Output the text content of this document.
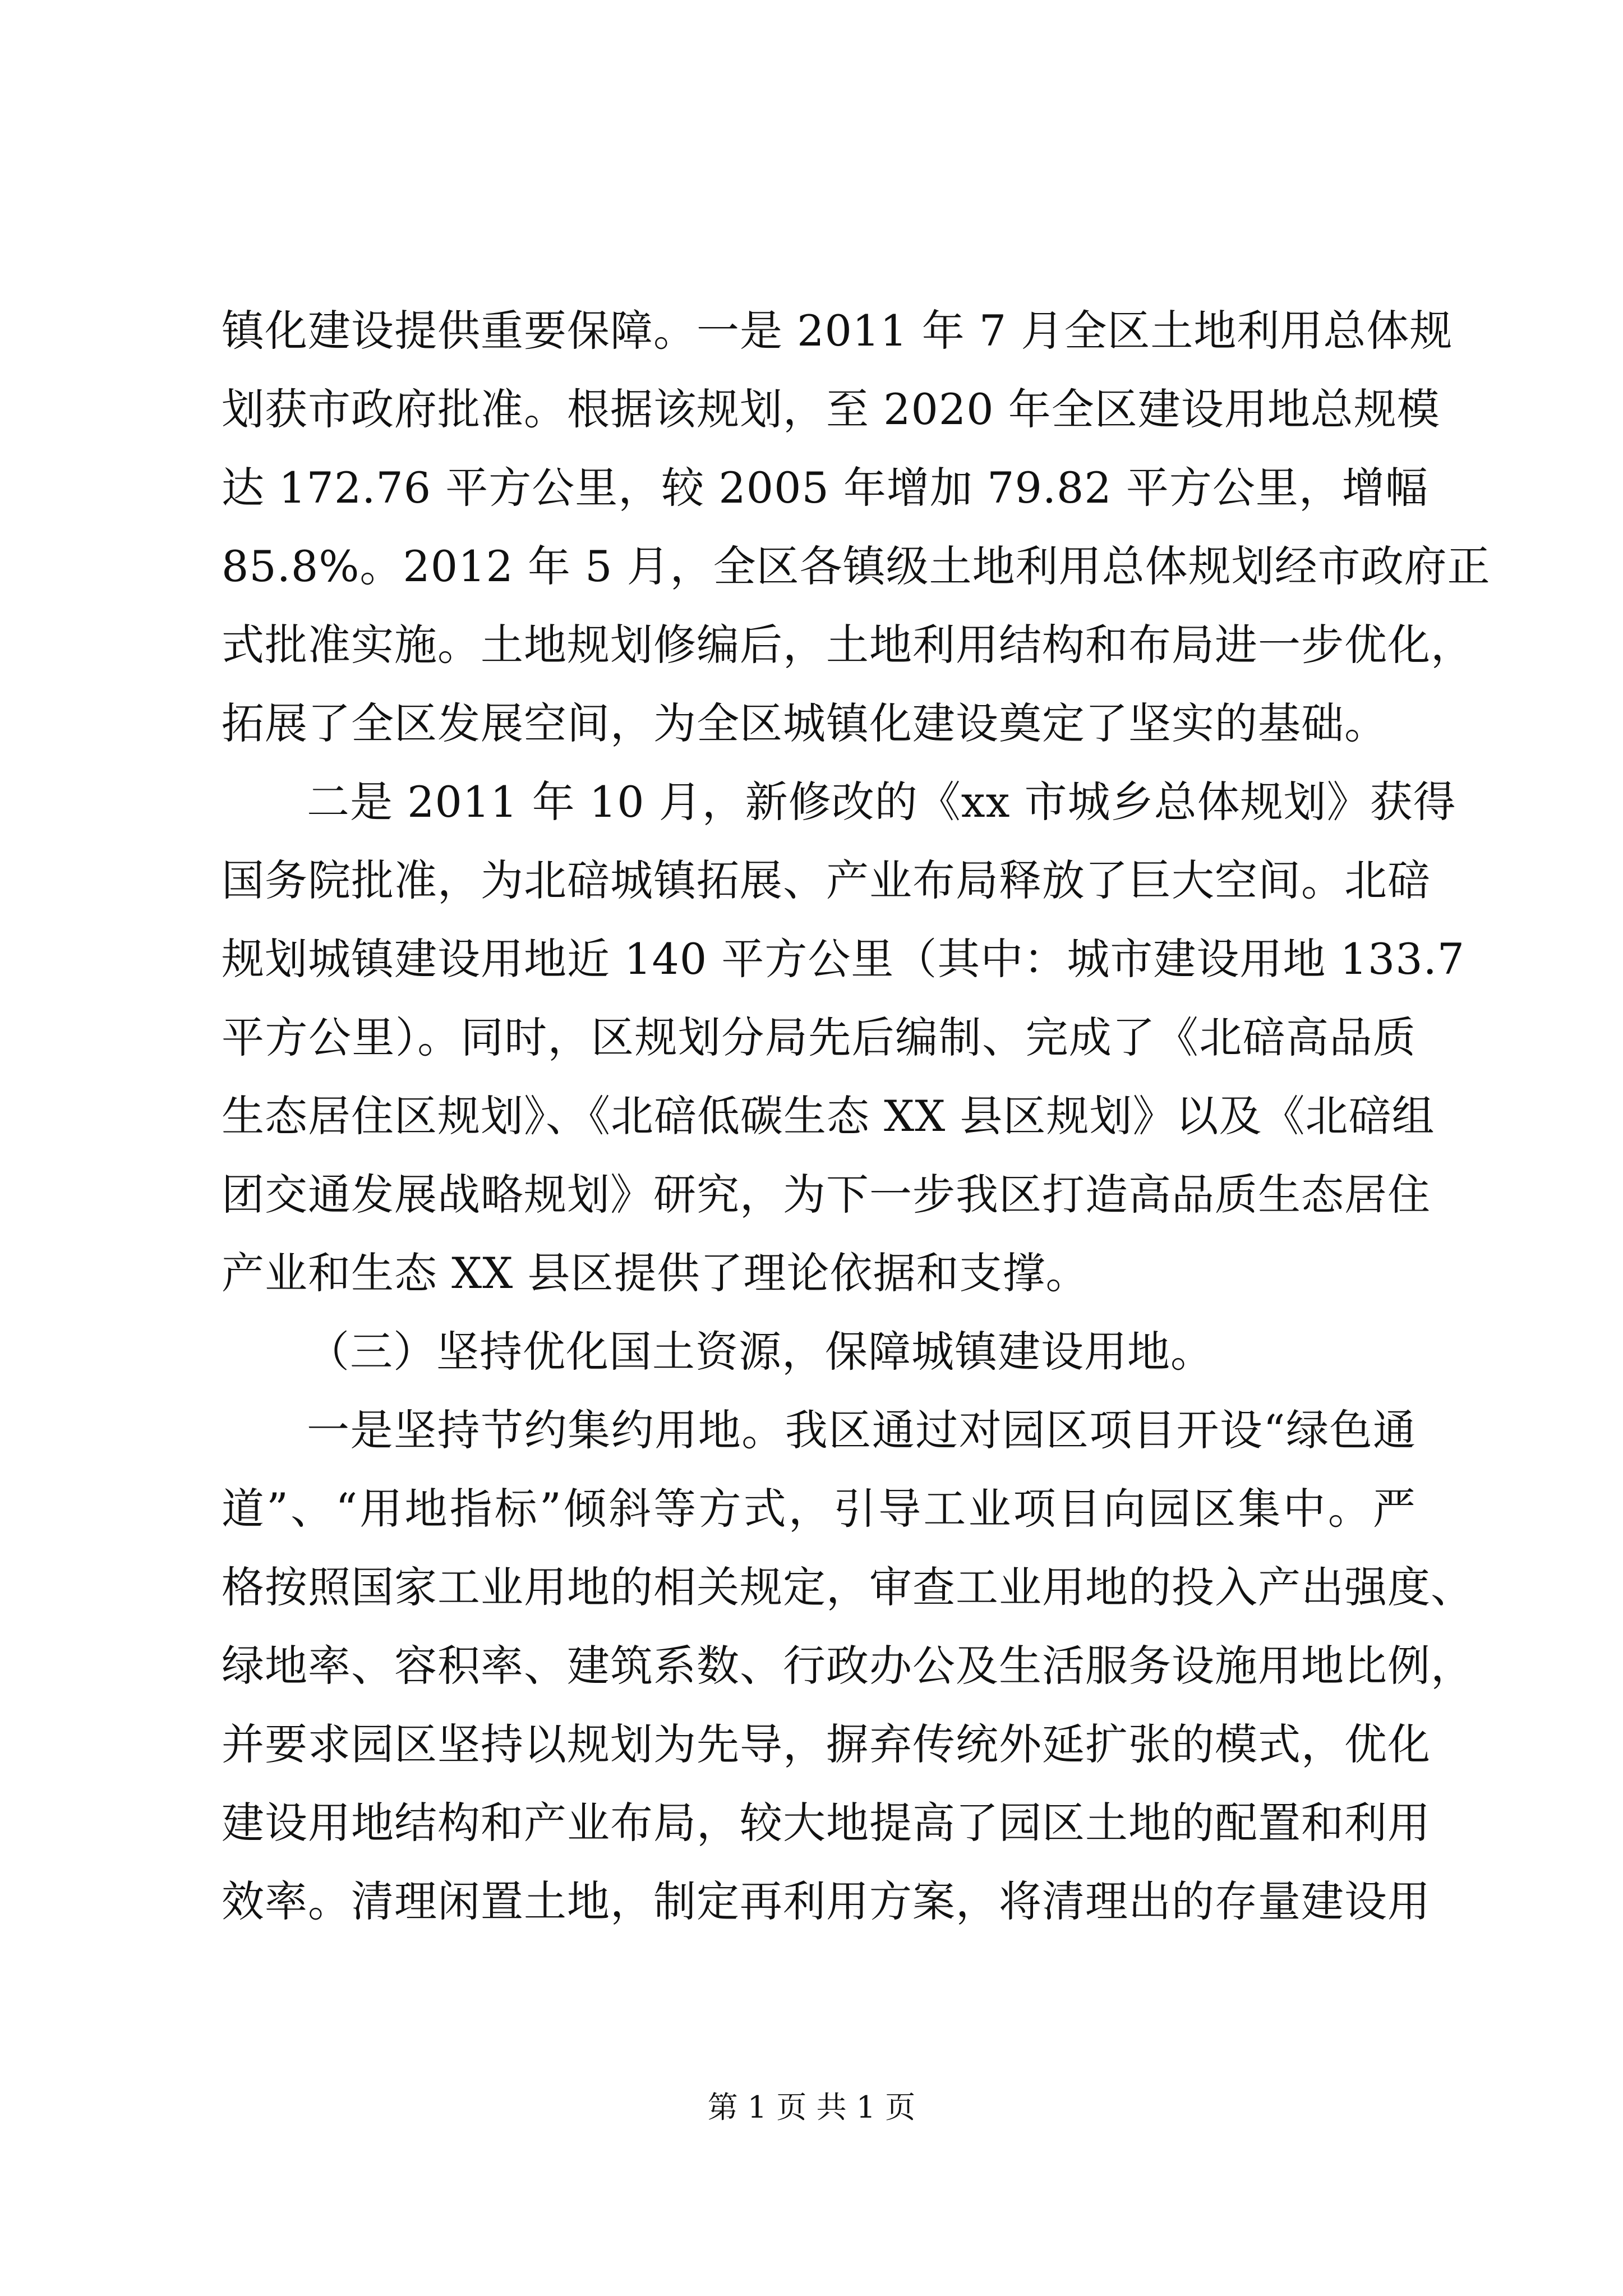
镇化建设提供重要保障。一是 2011 年 7 月全区土地利用总体规
划获市政府批准。根据该规划，至 2020 年全区建设用地总规模
达 172.76 平方公里，较 2005 年增加 79.82 平方公里，增幅
85.8%。2012 年 5 月，全区各镇级土地利用总体规划经市政府正
式批准实施。土地规划修编后，土地利用结构和布局进一步优化，
拓展了全区发展空间，为全区城镇化建设奠定了坚实的基础。
二是 2011 年 10 月，新修改的《xx 市城乡总体规划》获得
国务院批准，为北碚城镇拓展、产业布局释放了巨大空间。北碚
规划城镇建设用地近 140 平方公里（其中：城市建设用地 133.7
平方公里）。同时，区规划分局先后编制、完成了《北碚高品质
生态居住区规划》、《北碚低碳生态 XX 县区规划》以及《北碚组
团交通发展战略规划》研究，为下一步我区打造高品质生态居住
产业和生态 XX 县区提供了理论依据和支撑。
（三）坚持优化国土资源，保障城镇建设用地。
一是坚持节约集约用地。我区通过对园区项目开设“绿色通
道”、“用地指标”倾斜等方式，引导工业项目向园区集中。严
格按照国家工业用地的相关规定，审查工业用地的投入产出强度、
绿地率、容积率、建筑系数、行政办公及生活服务设施用地比例，
并要求园区坚持以规划为先导，摒弃传统外延扩张的模式，优化
建设用地结构和产业布局，较大地提高了园区土地的配置和利用
效率。清理闲置土地，制定再利用方案，将清理出的存量建设用
第 1 页 共 1 页
